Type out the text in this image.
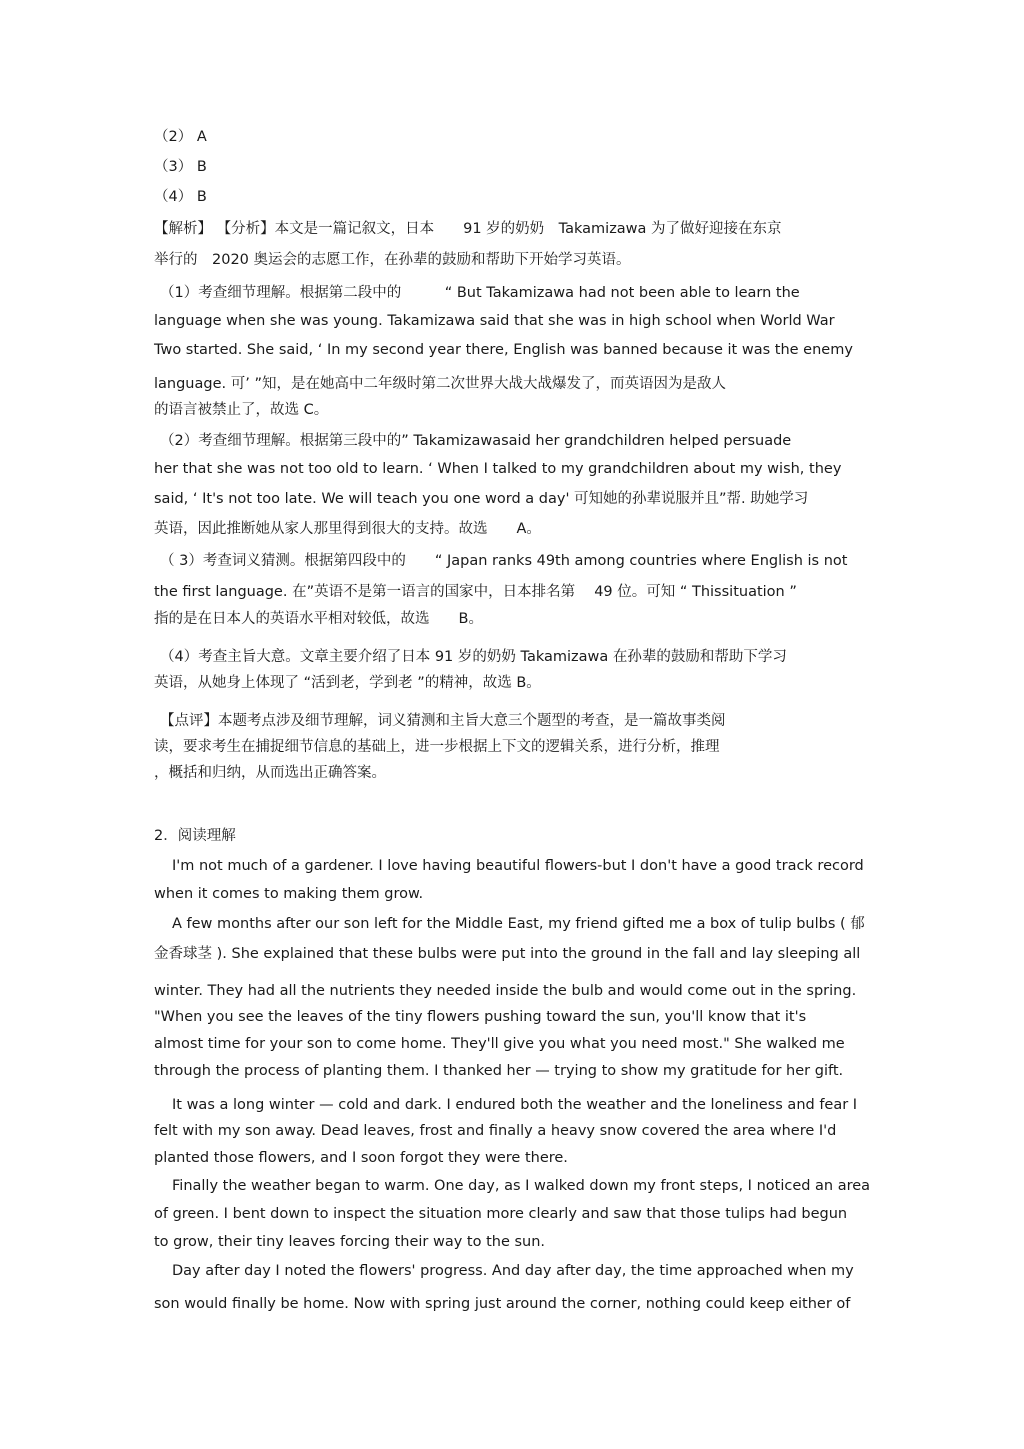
（2） A
（3） B
（4） B
【解析】 【分析】本文是一篇记叙文，日本　　91 岁的奶奶　Takamizawa 为了做好迎接在东京
举行的　2020 奥运会的志愿工作，在孙辈的鼓励和帮助下开始学习英语。
（1）考查细节理解。根据第二段中的　　　“ But Takamizawa had not been able to learn the
language when she was young. Takamizawa said that she was in high school when World War
Two started. She said, ‘ In my second year there, English was banned because it was the enemy
language. 可’ ”知，是在她高中二年级时第二次世界大战大战爆发了，而英语因为是敌人
的语言被禁止了，故选 C。
（2）考查细节理解。根据第三段中的” Takamizawasaid her grandchildren helped persuade
her that she was not too old to learn. ‘ When I talked to my grandchildren about my wish, they
said, ‘ It's not too late. We will teach you one word a day' 可知她的孙辈说服并且”帮. 助她学习
英语，因此推断她从家人那里得到很大的支持。故选　　A。
（ 3）考查词义猜测。根据第四段中的　　“ Japan ranks 49th among countries where English is not
the first language. 在”英语不是第一语言的国家中，日本排名第　 49 位。可知 “ Thissituation ”
指的是在日本人的英语水平相对较低，故选　　B。
（4）考查主旨大意。文章主要介绍了日本 91 岁的奶奶 Takamizawa 在孙辈的鼓励和帮助下学习
英语，从她身上体现了 “活到老，学到老 ”的精神，故选 B。
【点评】本题考点涉及细节理解，词义猜测和主旨大意三个题型的考查，是一篇故事类阅
读，要求考生在捕捉细节信息的基础上，进一步根据上下文的逻辑关系，进行分析，推理
，概括和归纳，从而选出正确答案。
2．阅读理解
I'm not much of a gardener. I love having beautiful flowers-but I don't have a good track record
when it comes to making them grow.
A few months after our son left for the Middle East, my friend gifted me a box of tulip bulbs ( 郁
金香球茎 ). She explained that these bulbs were put into the ground in the fall and lay sleeping all
winter. They had all the nutrients they needed inside the bulb and would come out in the spring.
"When you see the leaves of the tiny flowers pushing toward the sun, you'll know that it's
almost time for your son to come home. They'll give you what you need most." She walked me
through the process of planting them. I thanked her — trying to show my gratitude for her gift.
It was a long winter — cold and dark. I endured both the weather and the loneliness and fear I
felt with my son away. Dead leaves, frost and finally a heavy snow covered the area where I'd
planted those flowers, and I soon forgot they were there.
Finally the weather began to warm. One day, as I walked down my front steps, I noticed an area
of green. I bent down to inspect the situation more clearly and saw that those tulips had begun
to grow, their tiny leaves forcing their way to the sun.
Day after day I noted the flowers' progress. And day after day, the time approached when my
son would finally be home. Now with spring just around the corner, nothing could keep either of
